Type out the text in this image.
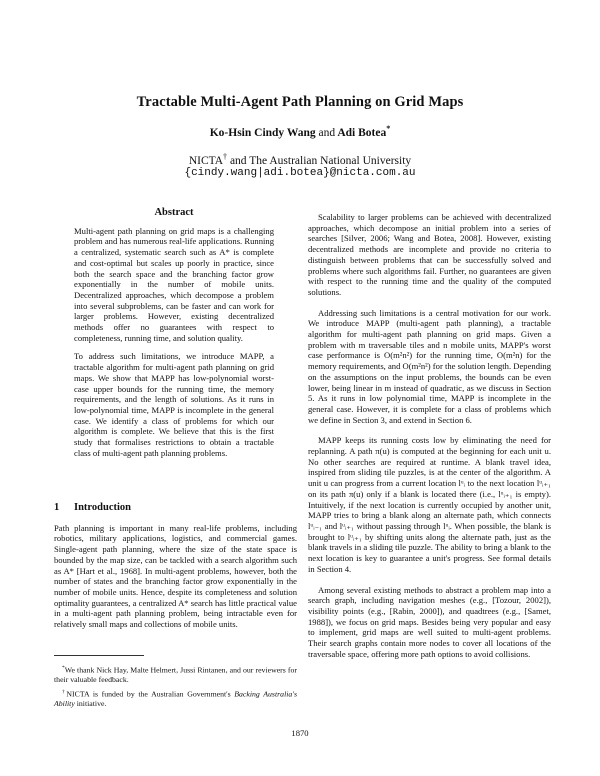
Tractable Multi-Agent Path Planning on Grid Maps
Ko-Hsin Cindy Wang and Adi Botea*
NICTA† and The Australian National University
{cindy.wang|adi.botea}@nicta.com.au

Abstract

Multi-agent path planning on grid maps is a challenging problem and has numerous real-life applications. Running a centralized, systematic search such as A* is complete and cost-optimal but scales up poorly in practice, since both the search space and the branching factor grow exponentially in the number of mobile units. Decentralized approaches, which decompose a problem into several subproblems, can be faster and can work for larger problems. However, existing decentralized methods offer no guarantees with respect to completeness, running time, and solution quality.

To address such limitations, we introduce MAPP, a tractable algorithm for multi-agent path planning on grid maps. We show that MAPP has low-polynomial worst-case upper bounds for the running time, the memory requirements, and the length of solutions. As it runs in low-polynomial time, MAPP is incomplete in the general case. We identify a class of problems for which our algorithm is complete. We believe that this is the first study that formalises restrictions to obtain a tractable class of multi-agent path planning problems.

1 Introduction

Path planning is important in many real-life problems, including robotics, military applications, logistics, and commercial games. Single-agent path planning, where the size of the state space is bounded by the map size, can be tackled with a search algorithm such as A* [Hart et al., 1968]. In multi-agent problems, however, both the number of states and the branching factor grow exponentially in the number of mobile units. Hence, despite its completeness and solution optimality guarantees, a centralized A* search has little practical value in a multi-agent path planning problem, being intractable even for relatively small maps and collections of mobile units.

*We thank Nick Hay, Malte Helmert, Jussi Rintanen, and our reviewers for their valuable feedback.

†NICTA is funded by the Australian Government's Backing Australia's Ability initiative.

Scalability to larger problems can be achieved with decentralized approaches, which decompose an initial problem into a series of searches [Silver, 2006; Wang and Botea, 2008]. However, existing decentralized methods are incomplete and provide no criteria to distinguish between problems that can be successfully solved and problems where such algorithms fail. Further, no guarantees are given with respect to the running time and the quality of the computed solutions.

Addressing such limitations is a central motivation for our work. We introduce MAPP (multi-agent path planning), a tractable algorithm for multi-agent path planning on grid maps. Given a problem with m traversable tiles and n mobile units, MAPP's worst case performance is O(m²n²) for the running time, O(m²n) for the memory requirements, and O(m²n²) for the solution length. Depending on the assumptions on the input problems, the bounds can be even lower, being linear in m instead of quadratic, as we discuss in Section 5. As it runs in low polynomial time, MAPP is incomplete in the general case. However, it is complete for a class of problems which we define in Section 3, and extend in Section 6.

MAPP keeps its running costs low by eliminating the need for replanning. A path π(u) is computed at the beginning for each unit u. No other searches are required at runtime. A blank travel idea, inspired from sliding tile puzzles, is at the center of the algorithm. A unit u can progress from a current location lᵘᵢ to the next location lᵘᵢ₊₁ on its path π(u) only if a blank is located there (i.e., lᵘᵢ₊₁ is empty). Intuitively, if the next location is currently occupied by another unit, MAPP tries to bring a blank along an alternate path, which connects lᵘᵢ₋₁ and lᵘᵢ₊₁ without passing through lᵘᵢ. When possible, the blank is brought to lᵘᵢ₊₁ by shifting units along the alternate path, just as the blank travels in a sliding tile puzzle. The ability to bring a blank to the next location is key to guarantee a unit's progress. See formal details in Section 4.

Among several existing methods to abstract a problem map into a search graph, including navigation meshes (e.g., [Tozour, 2002]), visibility points (e.g., [Rabin, 2000]), and quadtrees (e.g., [Samet, 1988]), we focus on grid maps. Besides being very popular and easy to implement, grid maps are well suited to multi-agent problems. Their search graphs contain more nodes to cover all locations of the traversable space, offering more path options to avoid collisions.

1870
